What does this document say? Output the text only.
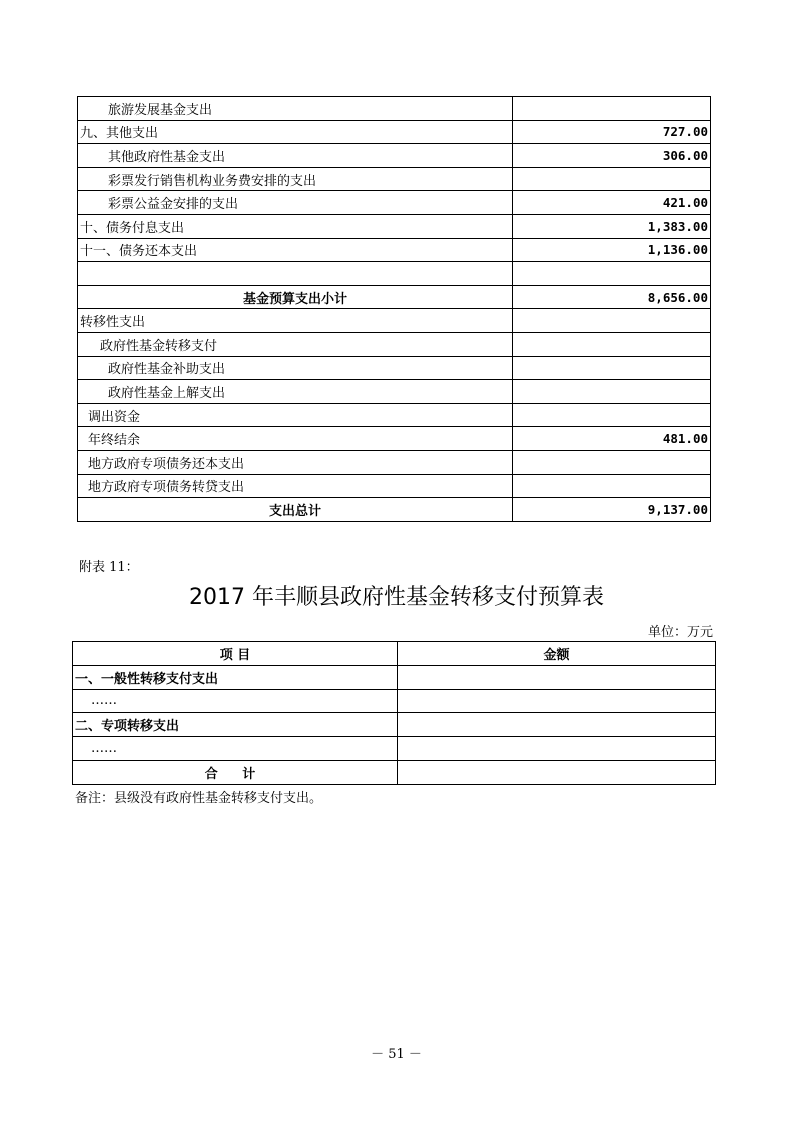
旅游发展基金支出	
九、其他支出	727.00
其他政府性基金支出	306.00
彩票发行销售机构业务费安排的支出	
彩票公益金安排的支出	421.00
十、债务付息支出	1,383.00
十一、债务还本支出	1,136.00

基金预算支出小计	8,656.00
转移性支出	
政府性基金转移支付	
政府性基金补助支出	
政府性基金上解支出	
调出资金	
年终结余	481.00
地方政府专项债务还本支出	
地方政府专项债务转贷支出	
支出总计	9,137.00
附表 11：
2017 年丰顺县政府性基金转移支付预算表
单位：万元
项 目	金额
一、一般性转移支付支出	
……	
二、专项转移支出	
……	
合 计	
备注：县级没有政府性基金转移支付支出。
－ 51 －
